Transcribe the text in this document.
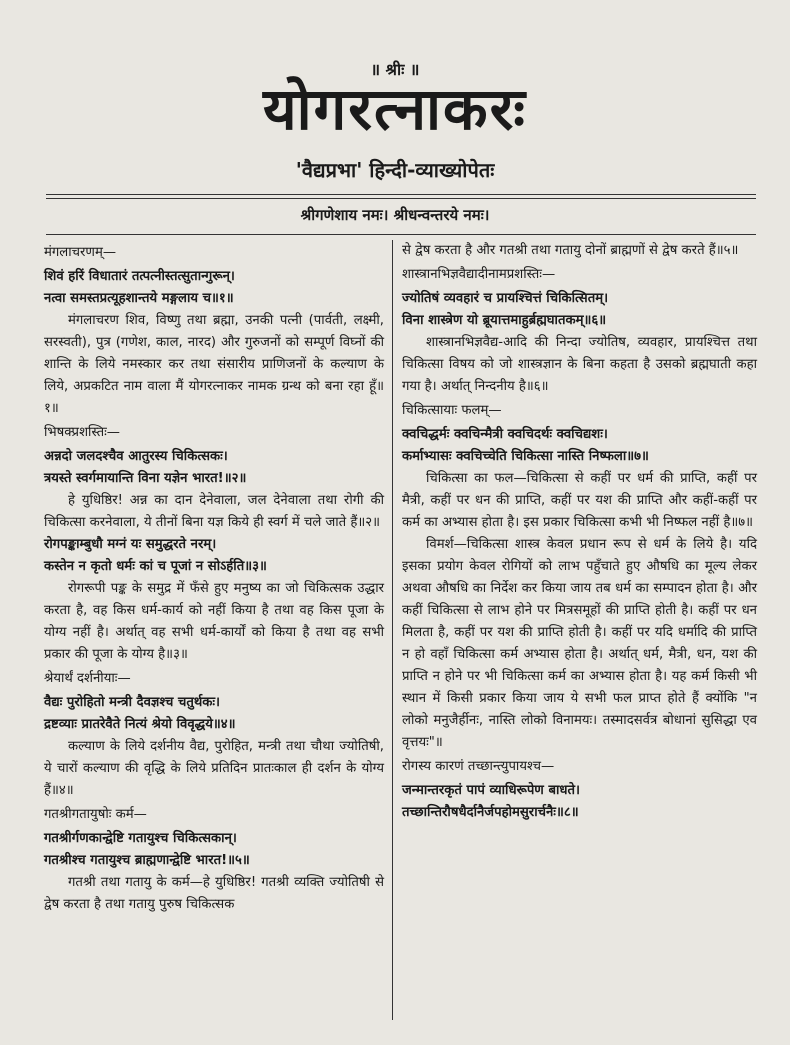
॥ श्रीः ॥
योगरत्नाकरः
'वैद्यप्रभा' हिन्दी-व्याख्योपेतः
श्रीगणेशाय नमः। श्रीधन्वन्तरये नमः।

मंगलाचरणम्—

शिवं हरिं विधातारं तत्पत्नीस्तत्सुतान्गुरून्।

नत्वा समस्तप्रत्यूहशान्तये मङ्गलाय च॥१॥

मंगलाचरण शिव, विष्णु तथा ब्रह्मा, उनकी पत्नी (पार्वती, लक्ष्मी, सरस्वती), पुत्र (गणेश, काल, नारद) और गुरुजनों को सम्पूर्ण विघ्नों की शान्ति के लिये नमस्कार कर तथा संसारीय प्राणिजनों के कल्याण के लिये, अप्रकटित नाम वाला मैं योगरत्नाकर नामक ग्रन्थ को बना रहा हूँ॥१॥

भिषक्प्रशस्तिः—

अन्नदो जलदश्चैव आतुरस्य चिकित्सकः।

त्रयस्ते स्वर्गमायान्ति विना यज्ञेन भारत!॥२॥

हे युधिष्ठिर! अन्न का दान देनेवाला, जल देनेवाला तथा रोगी की चिकित्सा करनेवाला, ये तीनों बिना यज्ञ किये ही स्वर्ग में चले जाते हैं॥२॥

रोगपङ्काम्बुधौ मग्नं यः समुद्धरते नरम्।

कस्तेन न कृतो धर्मः कां च पूजां न सोऽर्हति॥३॥

रोगरूपी पङ्क के समुद्र में फँसे हुए मनुष्य का जो चिकित्सक उद्धार करता है, वह किस धर्म-कार्य को नहीं किया है तथा वह किस पूजा के योग्य नहीं है। अर्थात् वह सभी धर्म-कार्यों को किया है तथा वह सभी प्रकार की पूजा के योग्य है॥३॥

श्रेयार्थं दर्शनीयाः—

वैद्यः पुरोहितो मन्त्री दैवज्ञश्च चतुर्थकः।

द्रष्टव्याः प्रातरेवैते नित्यं श्रेयो विवृद्धये॥४॥

कल्याण के लिये दर्शनीय वैद्य, पुरोहित, मन्त्री तथा चौथा ज्योतिषी, ये चारों कल्याण की वृद्धि के लिये प्रतिदिन प्रातःकाल ही दर्शन के योग्य हैं॥४॥

गतश्रीगतायुषोः कर्म—

गतश्रीर्गणकान्द्वेष्टि गतायुश्च चिकित्सकान्।

गतश्रीश्च गतायुश्च ब्राह्मणान्द्वेष्टि भारत!॥५॥

गतश्री तथा गतायु के कर्म—हे युधिष्ठिर! गतश्री व्यक्ति ज्योतिषी से द्वेष करता है तथा गतायु पुरुष चिकित्सक

से द्वेष करता है और गतश्री तथा गतायु दोनों ब्राह्मणों से द्वेष करते हैं॥५॥

शास्त्रानभिज्ञवैद्यादीनामप्रशस्तिः—

ज्योतिषं व्यवहारं च प्रायश्चित्तं चिकित्सितम्।

विना शास्त्रेण यो ब्रूयात्तमाहुर्ब्रह्मघातकम्॥६॥

शास्त्रानभिज्ञवैद्य-आदि की निन्दा ज्योतिष, व्यवहार, प्रायश्चित्त तथा चिकित्सा विषय को जो शास्त्रज्ञान के बिना कहता है उसको ब्रह्मघाती कहा गया है। अर्थात् निन्दनीय है॥६॥

चिकित्सायाः फलम्—

क्वचिद्धर्मः क्वचिन्मैत्री क्वचिदर्थः क्वचिद्यशः।

कर्माभ्यासः क्वचिच्चेति चिकित्सा नास्ति निष्फला॥७॥

चिकित्सा का फल—चिकित्सा से कहीं पर धर्म की प्राप्ति, कहीं पर मैत्री, कहीं पर धन की प्राप्ति, कहीं पर यश की प्राप्ति और कहीं-कहीं पर कर्म का अभ्यास होता है। इस प्रकार चिकित्सा कभी भी निष्फल नहीं है॥७॥

विमर्श—चिकित्सा शास्त्र केवल प्रधान रूप से धर्म के लिये है। यदि इसका प्रयोग केवल रोगियों को लाभ पहुँचाते हुए औषधि का मूल्य लेकर अथवा औषधि का निर्देश कर किया जाय तब धर्म का सम्पादन होता है। और कहीं चिकित्सा से लाभ होने पर मित्रसमूहों की प्राप्ति होती है। कहीं पर धन मिलता है, कहीं पर यश की प्राप्ति होती है। कहीं पर यदि धर्मादि की प्राप्ति न हो वहाँ चिकित्सा कर्म अभ्यास होता है। अर्थात् धर्म, मैत्री, धन, यश की प्राप्ति न होने पर भी चिकित्सा कर्म का अभ्यास होता है। यह कर्म किसी भी स्थान में किसी प्रकार किया जाय ये सभी फल प्राप्त होते हैं क्योंकि "न लोको मनुजैर्हीनः, नास्ति लोको विनामयः। तस्मादसर्वत्र बोधानां सुसिद्धा एव वृत्तयः"॥

रोगस्य कारणं तच्छान्त्युपायश्च—

जन्मान्तरकृतं पापं व्याधिरूपेण बाधते।

तच्छान्तिरौषधैर्दानैर्जपहोमसुरार्चनैः॥८॥
